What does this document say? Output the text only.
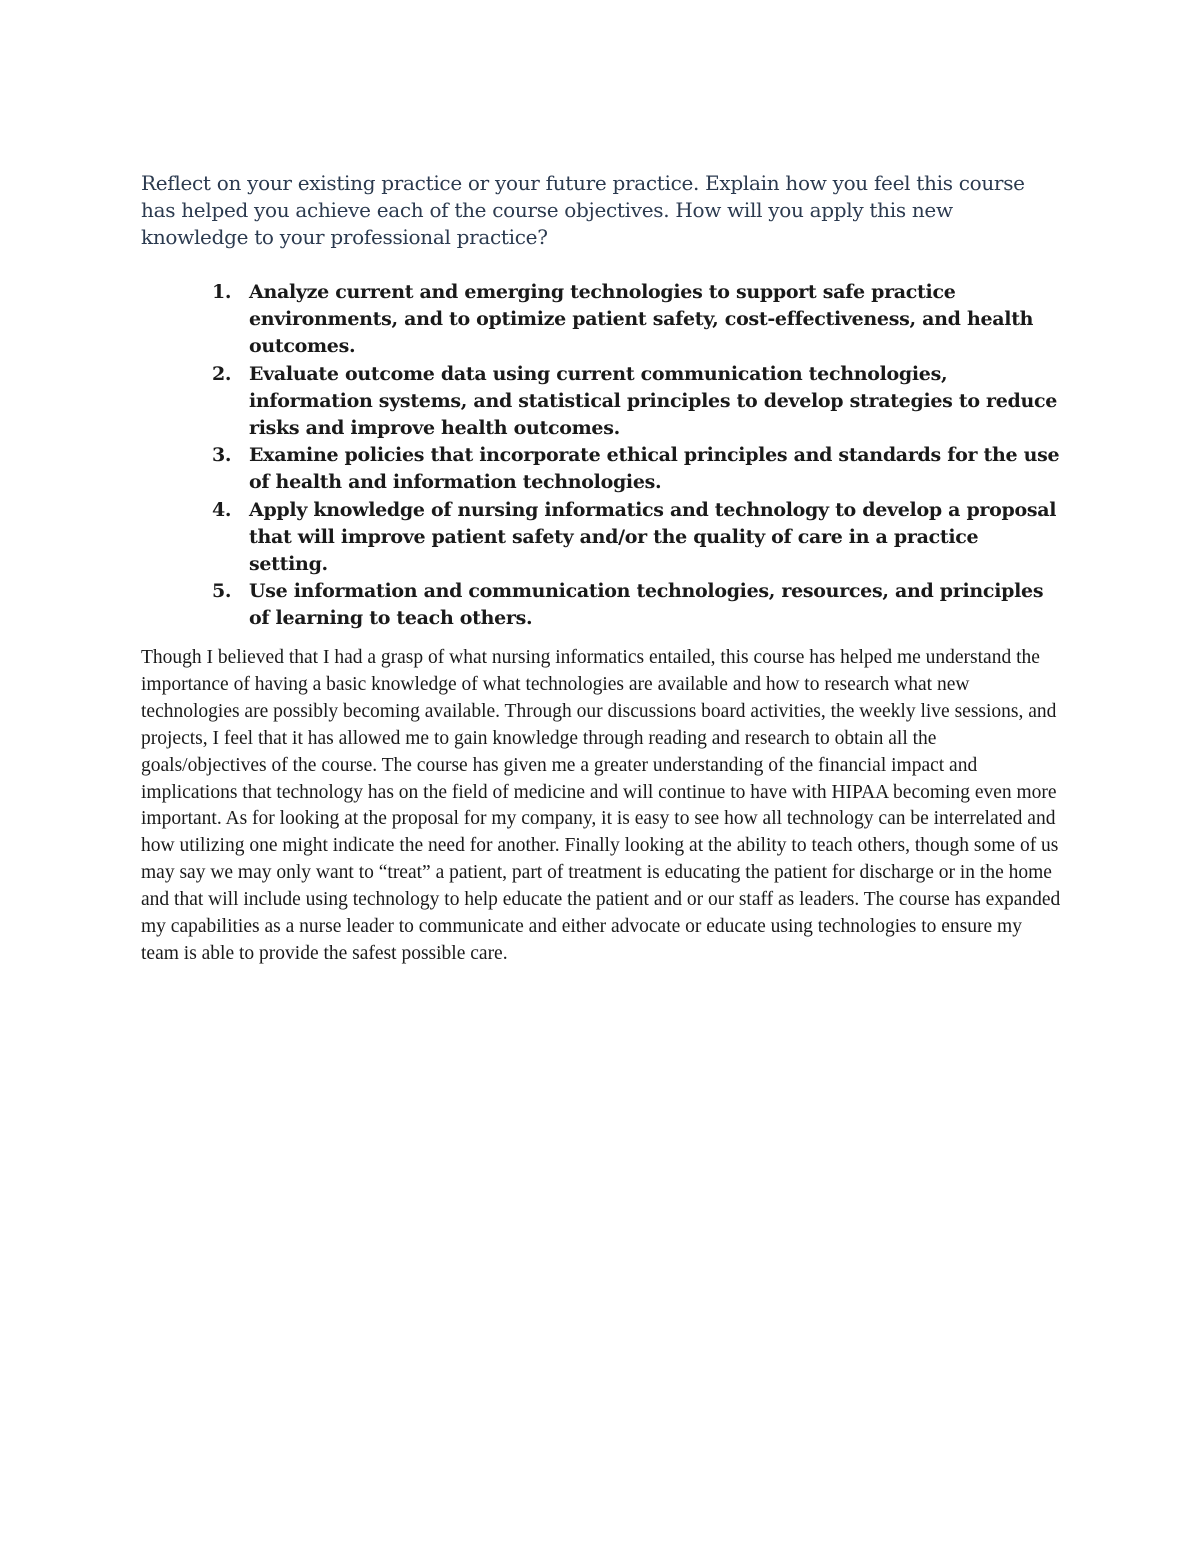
Reflect on your existing practice or your future practice. Explain how you feel this course has helped you achieve each of the course objectives. How will you apply this new knowledge to your professional practice?

1. Analyze current and emerging technologies to support safe practice environments, and to optimize patient safety, cost-effectiveness, and health outcomes.
2. Evaluate outcome data using current communication technologies, information systems, and statistical principles to develop strategies to reduce risks and improve health outcomes.
3. Examine policies that incorporate ethical principles and standards for the use of health and information technologies.
4. Apply knowledge of nursing informatics and technology to develop a proposal that will improve patient safety and/or the quality of care in a practice setting.
5. Use information and communication technologies, resources, and principles of learning to teach others.

Though I believed that I had a grasp of what nursing informatics entailed, this course has helped me understand the importance of having a basic knowledge of what technologies are available and how to research what new technologies are possibly becoming available. Through our discussions board activities, the weekly live sessions, and projects, I feel that it has allowed me to gain knowledge through reading and research to obtain all the goals/objectives of the course. The course has given me a greater understanding of the financial impact and implications that technology has on the field of medicine and will continue to have with HIPAA becoming even more important. As for looking at the proposal for my company, it is easy to see how all technology can be interrelated and how utilizing one might indicate the need for another. Finally looking at the ability to teach others, though some of us may say we may only want to “treat” a patient, part of treatment is educating the patient for discharge or in the home and that will include using technology to help educate the patient and or our staff as leaders. The course has expanded my capabilities as a nurse leader to communicate and either advocate or educate using technologies to ensure my team is able to provide the safest possible care.
